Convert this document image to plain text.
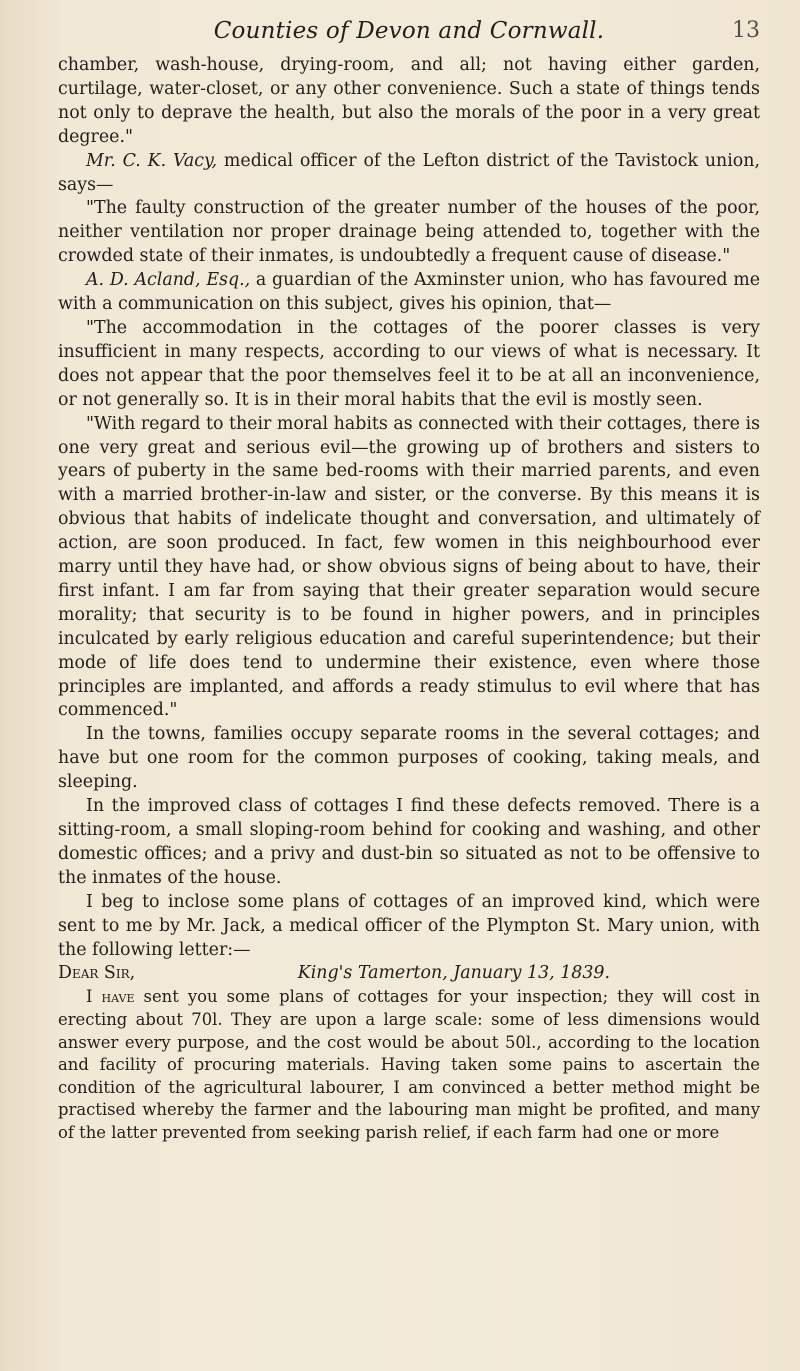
Counties of Devon and Cornwall.	13

chamber, wash-house, drying-room, and all; not having either garden, curtilage, water-closet, or any other convenience. Such a state of things tends not only to deprave the health, but also the morals of the poor in a very great degree."

Mr. C. K. Vacy, medical officer of the Lefton district of the Tavistock union, says—

"The faulty construction of the greater number of the houses of the poor, neither ventilation nor proper drainage being attended to, together with the crowded state of their inmates, is undoubtedly a frequent cause of disease."

A. D. Acland, Esq., a guardian of the Axminster union, who has favoured me with a communication on this subject, gives his opinion, that—

"The accommodation in the cottages of the poorer classes is very insufficient in many respects, according to our views of what is necessary. It does not appear that the poor themselves feel it to be at all an inconvenience, or not generally so. It is in their moral habits that the evil is mostly seen.

"With regard to their moral habits as connected with their cottages, there is one very great and serious evil—the growing up of brothers and sisters to years of puberty in the same bed-rooms with their married parents, and even with a married brother-in-law and sister, or the converse. By this means it is obvious that habits of indelicate thought and conversation, and ultimately of action, are soon produced. In fact, few women in this neighbourhood ever marry until they have had, or show obvious signs of being about to have, their first infant. I am far from saying that their greater separation would secure morality; that security is to be found in higher powers, and in principles inculcated by early religious education and careful superintendence; but their mode of life does tend to undermine their existence, even where those principles are implanted, and affords a ready stimulus to evil where that has commenced."

In the towns, families occupy separate rooms in the several cottages; and have but one room for the common purposes of cooking, taking meals, and sleeping.

In the improved class of cottages I find these defects removed. There is a sitting-room, a small sloping-room behind for cooking and washing, and other domestic offices; and a privy and dust-bin so situated as not to be offensive to the inmates of the house.

I beg to inclose some plans of cottages of an improved kind, which were sent to me by Mr. Jack, a medical officer of the Plympton St. Mary union, with the following letter:—

Dear Sir,	King's Tamerton, January 13, 1839.

I have sent you some plans of cottages for your inspection; they will cost in erecting about 70l. They are upon a large scale: some of less dimensions would answer every purpose, and the cost would be about 50l., according to the location and facility of procuring materials. Having taken some pains to ascertain the condition of the agricultural labourer, I am convinced a better method might be practised whereby the farmer and the labouring man might be profited, and many of the latter prevented from seeking parish relief, if each farm had one or more
